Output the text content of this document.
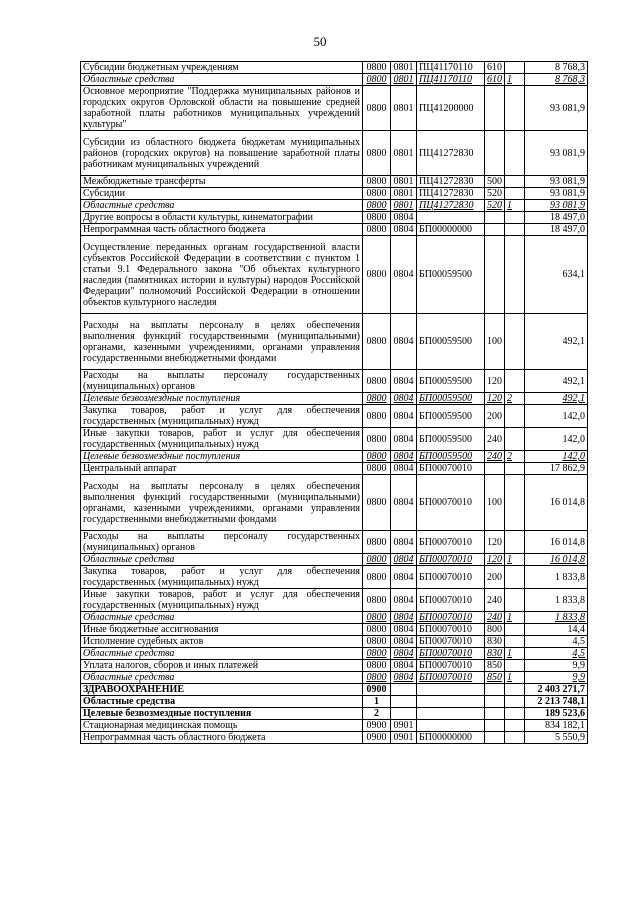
50
Субсидии бюджетным учреждениям	0800	0801	ПЦ41170110	610		8 768,3
Областные средства	0800	0801	ПЦ41170110	610	1	8 768,3
Основное мероприятие "Поддержка муниципальных районов и городских округов Орловской области на повышение средней заработной платы работников муниципальных учреждений культуры"	0800	0801	ПЦ41200000			93 081,9
Субсидии из областного бюджета бюджетам муниципальных районов (городских округов) на повышение заработной платы работникам муниципальных учреждений	0800	0801	ПЦ41272830			93 081,9
Межбюджетные трансферты	0800	0801	ПЦ41272830	500		93 081,9
Субсидии	0800	0801	ПЦ41272830	520		93 081,9
Областные средства	0800	0801	ПЦ41272830	520	1	93 081,9
Другие вопросы в области культуры, кинематографии	0800	0804				18 497,0
Непрограммная часть областного бюджета	0800	0804	БП00000000			18 497,0
Осуществление переданных органам государственной власти субъектов Российской Федерации в соответствии с пунктом 1 статьи 9.1 Федерального закона "Об объектах культурного наследия (памятниках истории и культуры) народов Российской Федерации" полномочий Российской Федерации в отношении объектов культурного наследия	0800	0804	БП00059500			634,1
Расходы на выплаты персоналу в целях обеспечения выполнения функций государственными (муниципальными) органами, казенными учреждениями, органами управления государственными внебюджетными фондами	0800	0804	БП00059500	100		492,1
Расходы на выплаты персоналу государственных (муниципальных) органов	0800	0804	БП00059500	120		492,1
Целевые безвозмездные поступления	0800	0804	БП00059500	120	2	492,1
Закупка товаров, работ и услуг для обеспечения государственных (муниципальных) нужд	0800	0804	БП00059500	200		142,0
Иные закупки товаров, работ и услуг для обеспечения государственных (муниципальных) нужд	0800	0804	БП00059500	240		142,0
Целевые безвозмездные поступления	0800	0804	БП00059500	240	2	142,0
Центральный аппарат	0800	0804	БП00070010			17 862,9
Расходы на выплаты персоналу в целях обеспечения выполнения функций государственными (муниципальными) органами, казенными учреждениями, органами управления государственными внебюджетными фондами	0800	0804	БП00070010	100		16 014,8
Расходы на выплаты персоналу государственных (муниципальных) органов	0800	0804	БП00070010	120		16 014,8
Областные средства	0800	0804	БП00070010	120	1	16 014,8
Закупка товаров, работ и услуг для обеспечения государственных (муниципальных) нужд	0800	0804	БП00070010	200		1 833,8
Иные закупки товаров, работ и услуг для обеспечения государственных (муниципальных) нужд	0800	0804	БП00070010	240		1 833,8
Областные средства	0800	0804	БП00070010	240	1	1 833,8
Иные бюджетные ассигнования	0800	0804	БП00070010	800		14,4
Исполнение судебных актов	0800	0804	БП00070010	830		4,5
Областные средства	0800	0804	БП00070010	830	1	4,5
Уплата налогов, сборов и иных платежей	0800	0804	БП00070010	850		9,9
Областные средства	0800	0804	БП00070010	850	1	9,9
ЗДРАВООХРАНЕНИЕ	0900					2 403 271,7
Областные средства	1					2 213 748,1
Целевые безвозмездные поступления	2					189 523,6
Стационарная медицинская помощь	0900	0901				834 182,1
Непрограммная часть областного бюджета	0900	0901	БП00000000			5 550,9
